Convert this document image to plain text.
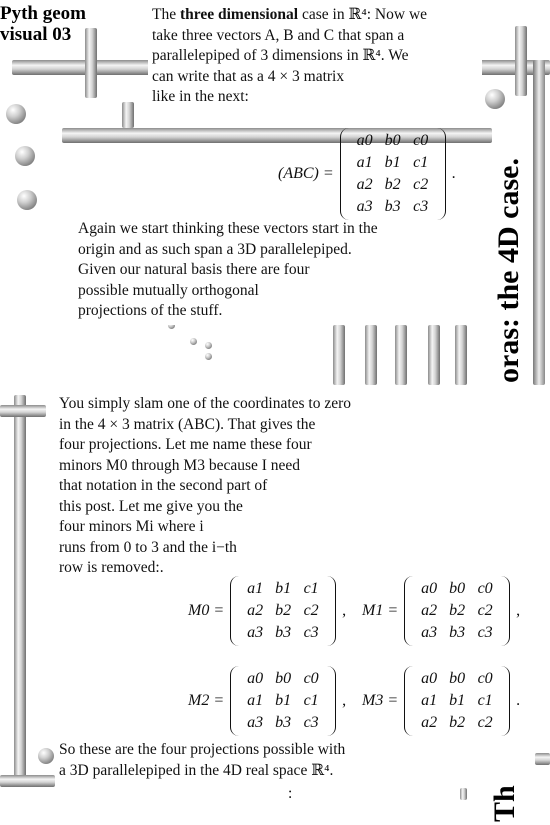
Pyth geom
visual 03
oras: the 4D case.
Th
The three dimensional case in ℝ⁴: Now we
take three vectors A, B and C that span a
parallelepiped of 3 dimensions in ℝ⁴. We
can write that as a 4 × 3 matrix
like in the next:
(ABC) =
a0 b0 c0
a1 b1 c1
a2 b2 c2
a3 b3 c3
.
Again we start thinking these vectors start in the
origin and as such span a 3D parallelepiped.
Given our natural basis there are four
possible mutually orthogonal
projections of the stuff.
You simply slam one of the coordinates to zero
in the 4 × 3 matrix (ABC). That gives the
four projections. Let me name these four
minors M0 through M3 because I need
that notation in the second part of
this post. Let me give you the
four minors Mi where i
runs from 0 to 3 and the i−th
row is removed:.
M0 =
a1 b1 c1
a2 b2 c2
a3 b3 c3
, M1 =
a0 b0 c0
a2 b2 c2
a3 b3 c3
,
M2 =
a0 b0 c0
a1 b1 c1
a3 b3 c3
, M3 =
a0 b0 c0
a1 b1 c1
a2 b2 c2
.
So these are the four projections possible with
a 3D parallelepiped in the 4D real space ℝ⁴.
:
